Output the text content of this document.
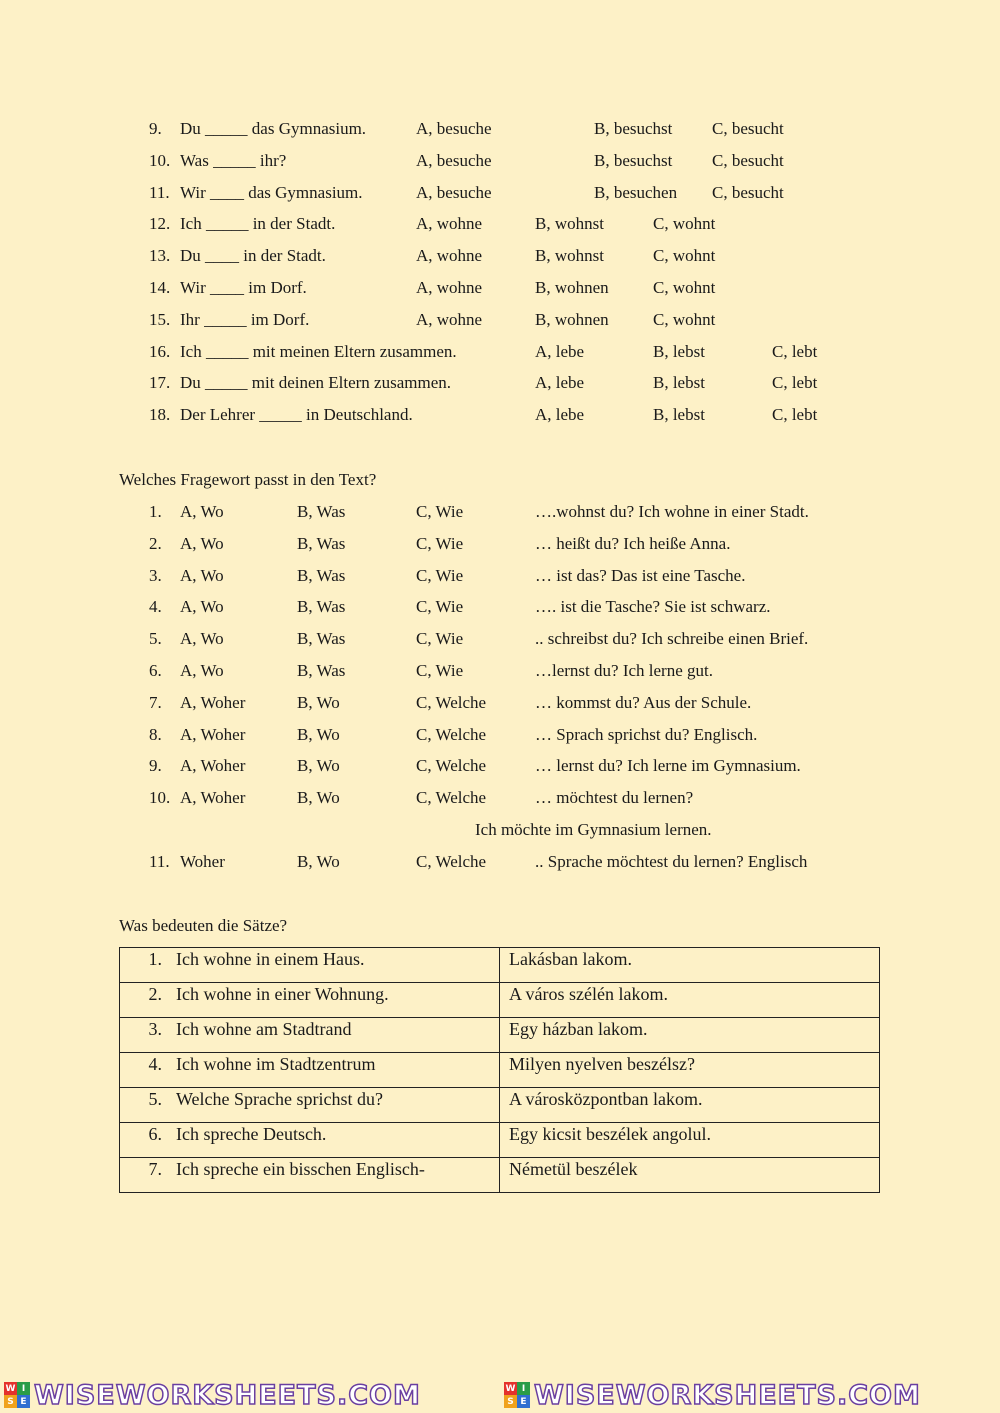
9. Du _____ das Gymnasium.	A, besuche	B, besuchst C, besucht
10. Was _____ ihr?	A, besuche	B, besuchst C, besucht
11. Wir ____ das Gymnasium.	A, besuche	B, besuchen C, besucht
12. Ich _____ in der Stadt.	A, wohne	B, wohnst	C, wohnt
13. Du ____ in der Stadt.	A, wohne	B, wohnst	C, wohnt
14. Wir ____ im Dorf.	A, wohne	B, wohnen	C, wohnt
15. Ihr _____ im Dorf.	A, wohne	B, wohnen	C, wohnt
16. Ich _____ mit meinen Eltern zusammen.	A, lebe	B, lebst	C, lebt
17. Du _____ mit deinen Eltern zusammen.	A, lebe	B, lebst	C, lebt
18. Der Lehrer _____ in Deutschland.	A, lebe	B, lebst	C, lebt
Welches Fragewort passt in den Text?
1. A, Wo	B, Was	C, Wie	….wohnst du? Ich wohne in einer Stadt.
2. A, Wo	B, Was	C, Wie	… heißt du? Ich heiße Anna.
3. A, Wo	B, Was	C, Wie	… ist das? Das ist eine Tasche.
4. A, Wo	B, Was	C, Wie	…. ist die Tasche? Sie ist schwarz.
5. A, Wo	B, Was	C, Wie	.. schreibst du? Ich schreibe einen Brief.
6. A, Wo	B, Was	C, Wie	…lernst du? Ich lerne gut.
7. A, Woher	B, Wo	C, Welche	… kommst du? Aus der Schule.
8. A, Woher	B, Wo	C, Welche	… Sprach sprichst du? Englisch.
9. A, Woher	B, Wo	C, Welche	… lernst du? Ich lerne im Gymnasium.
10. A, Woher	B, Wo	C, Welche	… möchtest du lernen?
Ich möchte im Gymnasium lernen.
11. Woher	B, Wo	C, Welche	.. Sprache möchtest du lernen? Englisch
Was bedeuten die Sätze?
1. Ich wohne in einem Haus.	Lakásban lakom.
2. Ich wohne in einer Wohnung.	A város szélén lakom.
3. Ich wohne am Stadtrand	Egy házban lakom.
4. Ich wohne im Stadtzentrum	Milyen nyelven beszélsz?
5. Welche Sprache sprichst du?	A városközpontban lakom.
6. Ich spreche Deutsch.	Egy kicsit beszélek angolul.
7. Ich spreche ein bisschen Englisch-	Németül beszélek
W I
S E WISEWORKSHEETS.COM	W I
S E WISEWORKSHEETS.COM
